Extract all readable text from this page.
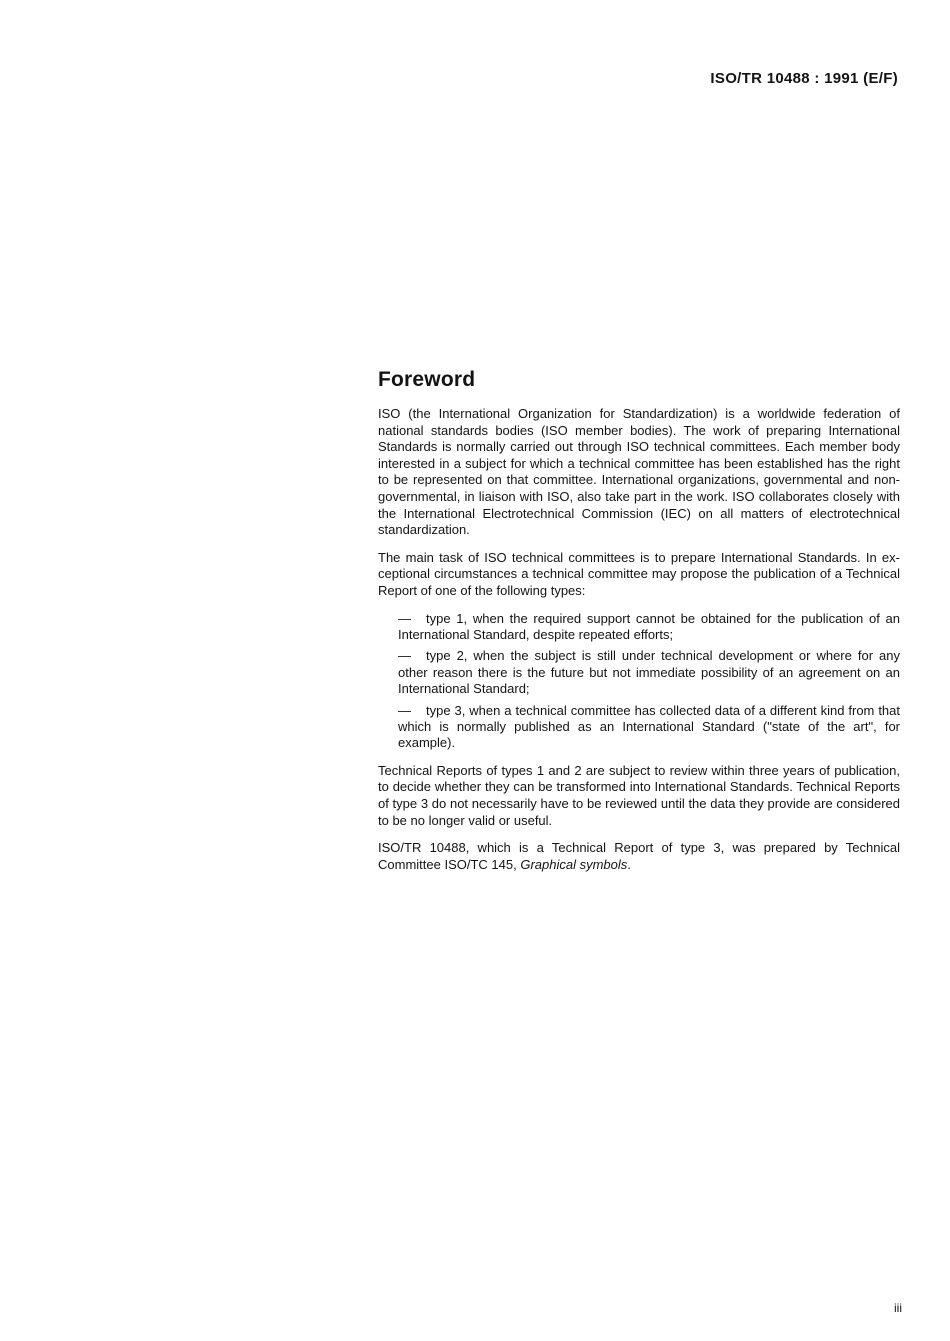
ISO/TR 10488 : 1991 (E/F)
Foreword

ISO (the International Organization for Standardization) is a worldwide federation of national standards bodies (ISO member bodies). The work of preparing International Standards is normally carried out through ISO technical committees. Each member body interested in a subject for which a technical committee has been established has the right to be represented on that committee. International organizations, governmental and non-governmental, in liaison with ISO, also take part in the work. ISO collaborates closely with the International Electrotechnical Commission (IEC) on all matters of electrotechnical standardization.

The main task of ISO technical committees is to prepare International Standards. In exceptional circumstances a technical committee may propose the publication of a Technical Report of one of the following types:

— type 1, when the required support cannot be obtained for the publication of an International Standard, despite repeated efforts;
— type 2, when the subject is still under technical development or where for any other reason there is the future but not immediate possibility of an agreement on an International Standard;
— type 3, when a technical committee has collected data of a different kind from that which is normally published as an International Standard ("state of the art", for example).

Technical Reports of types 1 and 2 are subject to review within three years of publication, to decide whether they can be transformed into International Standards. Technical Reports of type 3 do not necessarily have to be reviewed until the data they provide are considered to be no longer valid or useful.

ISO/TR 10488, which is a Technical Report of type 3, was prepared by Technical Committee ISO/TC 145, Graphical symbols.

iii
